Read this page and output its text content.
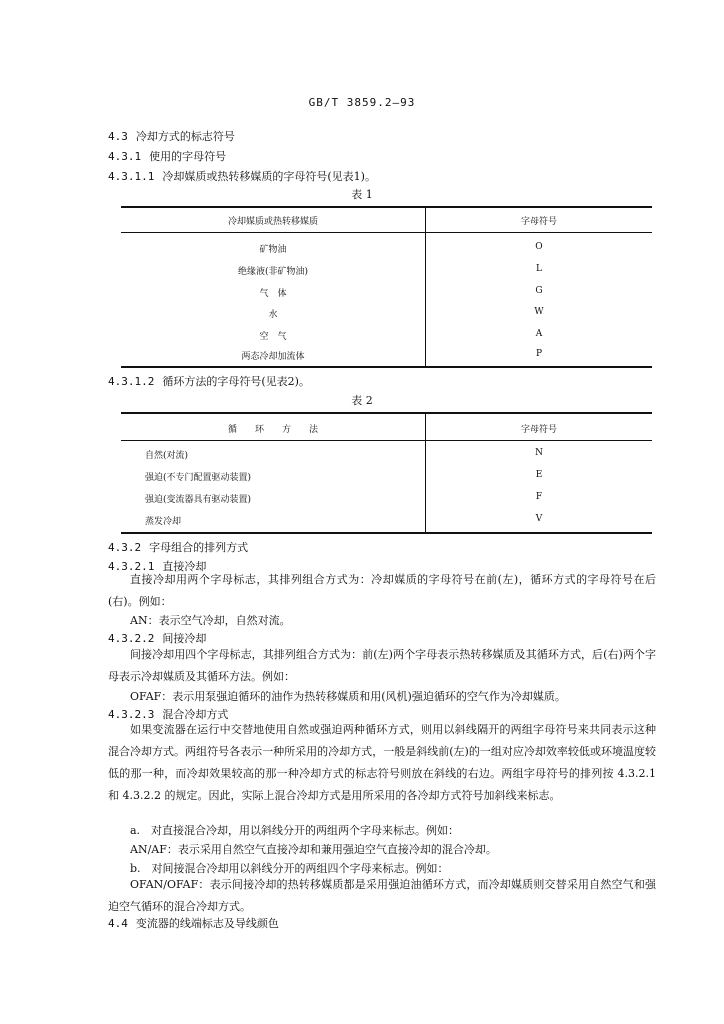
GB/T 3859.2—93
4.3 冷却方式的标志符号
4.3.1 使用的字母符号
4.3.1.1 冷却媒质或热转移媒质的字母符号(见表1)。
表 1
冷却媒质或热转移媒质	字母符号
矿物油	O
绝缘液(非矿物油)	L
气　体	G
水	W
空　气	A
两态冷却加流体	P
4.3.1.2 循环方法的字母符号(见表2)。
表 2
循　　环　　方　　法	字母符号
自然(对流)	N
强迫(不专门配置驱动装置)	E
强迫(变流器具有驱动装置)	F
蒸发冷却	V
4.3.2 字母组合的排列方式
4.3.2.1 直接冷却
直接冷却用两个字母标志，其排列组合方式为：冷却媒质的字母符号在前(左)，循环方式的字母符号在后(右)。例如：
AN：表示空气冷却，自然对流。
4.3.2.2 间接冷却
间接冷却用四个字母标志，其排列组合方式为：前(左)两个字母表示热转移媒质及其循环方式，后(右)两个字母表示冷却媒质及其循环方法。例如：
OFAF：表示用泵强迫循环的油作为热转移媒质和用(风机)强迫循环的空气作为冷却媒质。
4.3.2.3 混合冷却方式
如果变流器在运行中交替地使用自然或强迫两种循环方式，则用以斜线隔开的两组字母符号来共同表示这种混合冷却方式。两组符号各表示一种所采用的冷却方式，一般是斜线前(左)的一组对应冷却效率较低或环境温度较低的那一种，而冷却效果较高的那一种冷却方式的标志符号则放在斜线的右边。两组字母符号的排列按 4.3.2.1 和 4.3.2.2 的规定。因此，实际上混合冷却方式是用所采用的各冷却方式符号加斜线来标志。
a.　对直接混合冷却，用以斜线分开的两组两个字母来标志。例如：
AN/AF：表示采用自然空气直接冷却和兼用强迫空气直接冷却的混合冷却。
b.　对间接混合冷却用以斜线分开的两组四个字母来标志。例如：
OFAN/OFAF：表示间接冷却的热转移媒质都是采用强迫油循环方式，而冷却媒质则交替采用自然空气和强迫空气循环的混合冷却方式。
4.4 变流器的线端标志及导线颜色
